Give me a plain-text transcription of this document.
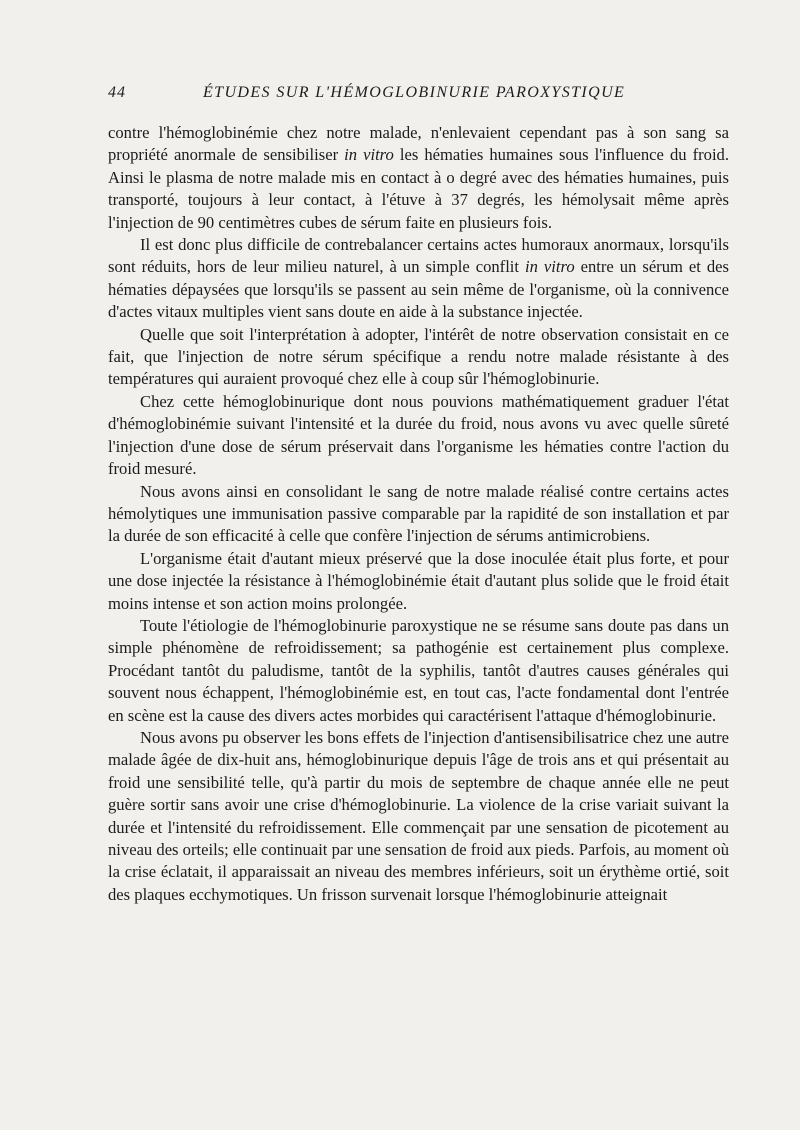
44	ÉTUDES SUR L'HÉMOGLOBINURIE PAROXYSTIQUE

contre l'hémoglobinémie chez notre malade, n'enlevaient cependant pas à son sang sa propriété anormale de sensibiliser in vitro les hématies humaines sous l'influence du froid. Ainsi le plasma de notre malade mis en contact à o degré avec des hématies humaines, puis transporté, toujours à leur contact, à l'étuve à 37 degrés, les hémolysait même après l'injection de 90 centimètres cubes de sérum faite en plusieurs fois.

Il est donc plus difficile de contrebalancer certains actes humoraux anormaux, lorsqu'ils sont réduits, hors de leur milieu naturel, à un simple conflit in vitro entre un sérum et des hématies dépaysées que lorsqu'ils se passent au sein même de l'organisme, où la connivence d'actes vitaux multiples vient sans doute en aide à la substance injectée.

Quelle que soit l'interprétation à adopter, l'intérêt de notre observation consistait en ce fait, que l'injection de notre sérum spécifique a rendu notre malade résistante à des températures qui auraient provoqué chez elle à coup sûr l'hémoglobinurie.

Chez cette hémoglobinurique dont nous pouvions mathématiquement graduer l'état d'hémoglobinémie suivant l'intensité et la durée du froid, nous avons vu avec quelle sûreté l'injection d'une dose de sérum préservait dans l'organisme les hématies contre l'action du froid mesuré.

Nous avons ainsi en consolidant le sang de notre malade réalisé contre certains actes hémolytiques une immunisation passive comparable par la rapidité de son installation et par la durée de son efficacité à celle que confère l'injection de sérums antimicrobiens.

L'organisme était d'autant mieux préservé que la dose inoculée était plus forte, et pour une dose injectée la résistance à l'hémoglobinémie était d'autant plus solide que le froid était moins intense et son action moins prolongée.

Toute l'étiologie de l'hémoglobinurie paroxystique ne se résume sans doute pas dans un simple phénomène de refroidissement; sa pathogénie est certainement plus complexe. Procédant tantôt du paludisme, tantôt de la syphilis, tantôt d'autres causes générales qui souvent nous échappent, l'hémoglobinémie est, en tout cas, l'acte fondamental dont l'entrée en scène est la cause des divers actes morbides qui caractérisent l'attaque d'hémoglobinurie.

Nous avons pu observer les bons effets de l'injection d'antisensibilisatrice chez une autre malade âgée de dix-huit ans, hémoglobinurique depuis l'âge de trois ans et qui présentait au froid une sensibilité telle, qu'à partir du mois de septembre de chaque année elle ne peut guère sortir sans avoir une crise d'hémoglobinurie. La violence de la crise variait suivant la durée et l'intensité du refroidissement. Elle commençait par une sensation de picotement au niveau des orteils; elle continuait par une sensation de froid aux pieds. Parfois, au moment où la crise éclatait, il apparaissait an niveau des membres inférieurs, soit un érythème ortié, soit des plaques ecchymotiques. Un frisson survenait lorsque l'hémoglobinurie atteignait
